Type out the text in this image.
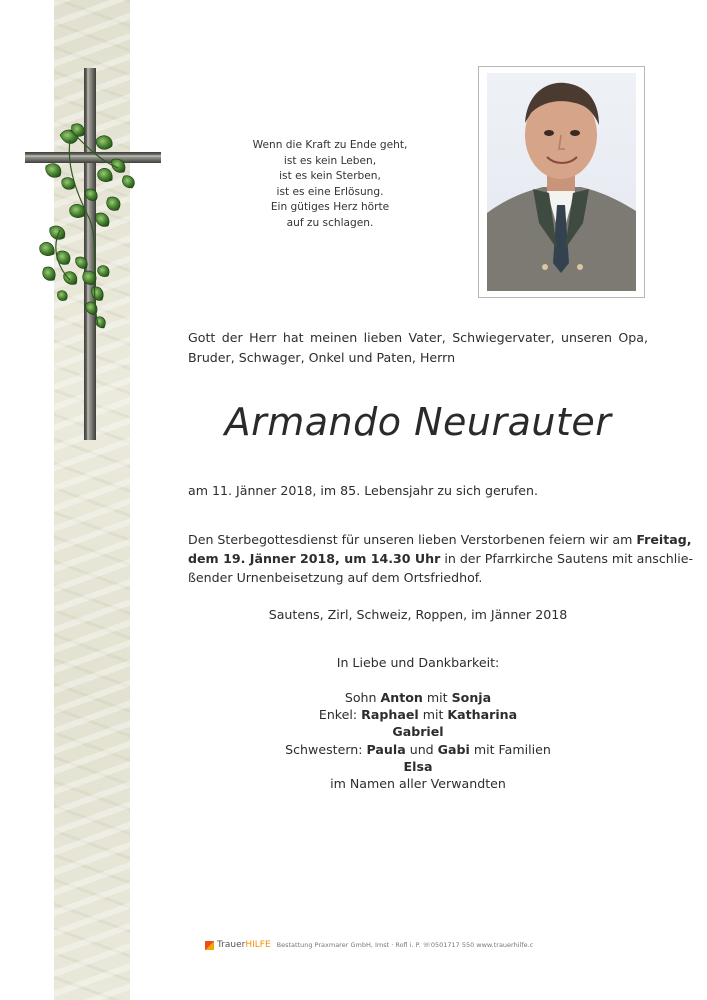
Wenn die Kraft zu Ende geht,
ist es kein Leben,
ist es kein Sterben,
ist es eine Erlösung.
Ein gütiges Herz hörte
auf zu schlagen.
Gott der Herr hat meinen lieben Vater, Schwiegervater, unseren Opa, Bruder, Schwager, Onkel und Paten, Herrn
Armando Neurauter
am 11. Jänner 2018, im 85. Lebensjahr zu sich gerufen.
Den Sterbegottesdienst für unseren lieben Verstorbenen feiern wir am Freitag,
dem 19. Jänner 2018, um 14.30 Uhr in der Pfarrkirche Sautens mit anschlie-
ßender Urnenbeisetzung auf dem Ortsfriedhof.
Sautens, Zirl, Schweiz, Roppen, im Jänner 2018
In Liebe und Dankbarkeit:
Sohn Anton mit Sonja
Enkel: Raphael mit Katharina
Gabriel
Schwestern: Paula und Gabi mit Familien
Elsa
im Namen aller Verwandten
TrauerHILFE Bestattung Praxmarer GmbH, Imst · Rofl i. P. ☏0501717 550 www.trauerhilfe.c
